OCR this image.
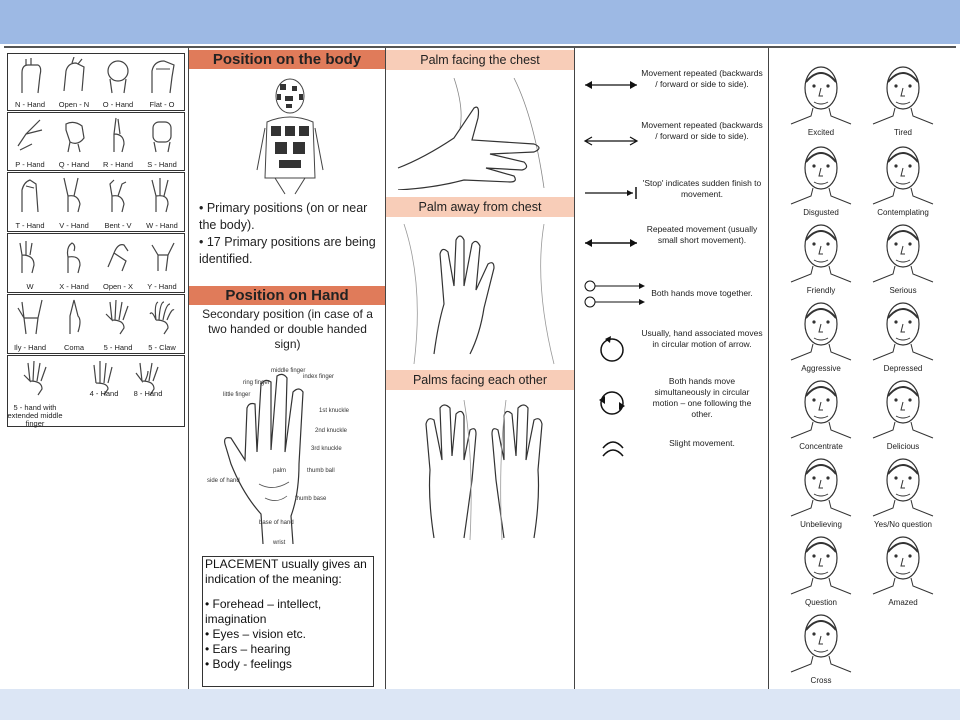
N - Hand	Open - N	O - Hand	Flat - O
P - Hand	Q - Hand	R - Hand	S - Hand
T - Hand	V - Hand	Bent - V	W - Hand
W	X - Hand	Open - X	Y - Hand
Ily - Hand	Coma	5 - Hand	5 - Claw
5 - hand with extended middle finger
4 - Hand	8 - Hand
Position on the body
• Primary positions (on or near the body).
• 17 Primary positions are being identified.
Position on Hand
Secondary position (in case of a two handed or double handed sign)
little finger
ring finger
middle finger
index finger
1st knuckle
2nd knuckle
3rd knuckle
palm	thumb ball
thumb base
side of hand
base of hand
wrist
PLACEMENT usually gives an indication of the meaning:
• Forehead – intellect, imagination
• Eyes – vision etc.
• Ears – hearing
• Body - feelings
Palm facing the chest
Palm away from chest
Palms facing each other
Movement repeated (backwards / forward or side to side).
Movement repeated (backwards / forward or side to side).
'Stop' indicates sudden finish to movement.
Repeated movement (usually small short movement).
Both hands move together.
Usually, hand associated moves in circular motion of arrow.
Both hands move simultaneously in circular motion – one following the other.
Slight movement.
Excited	Tired
Disgusted	Contemplating
Friendly	Serious
Aggressive	Depressed
Concentrate	Delicious
Unbelieving	Yes/No question
Question	Amazed
Cross
